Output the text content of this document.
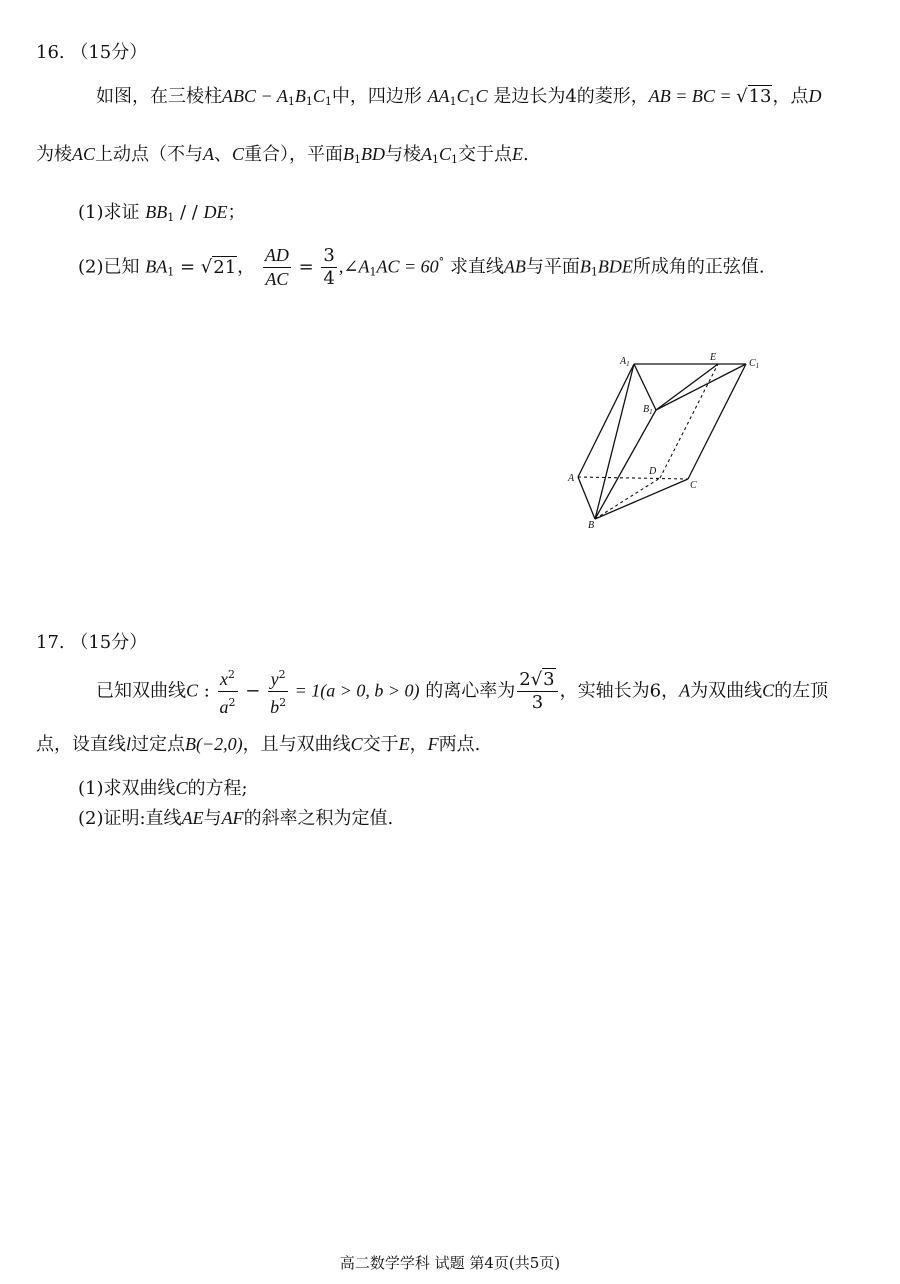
16. （15分）
如图，在三棱柱ABC − $A_1B_1C_1$中，四边形 $AA_1C_1C$ 是边长为4的菱形，AB = BC = √13，点D
为棱AC上动点（不与A、C重合），平面$B_1BD$与棱$A_1C_1$交于点E.
(1)求证 $BB_1$ / / DE；
(2)已知 $BA_1 = √21$， $\frac{AD}{AC} = \frac{3}{4}$ $,\angle A_1AC = 60^\circ$ 求直线AB与平面$B_1BDE$所成角的正弦值.
$A_1$
E
$C_1$
$B_1$
A
D
C
B
17. （15分）
已知双曲线C : $\frac{x^2}{a^2} - \frac{y^2}{b^2} = 1(a > 0$, b > 0) 的离心率为 $\frac{2√3}{3}$ ，实轴长为6，A为双曲线C的左顶
点，设直线l过定点B(−2,0)，且与双曲线C交于E，F两点.
(1)求双曲线C的方程;
(2)证明:直线AE与AF的斜率之积为定值.
高二数学学科 试题 第4页(共5页)
